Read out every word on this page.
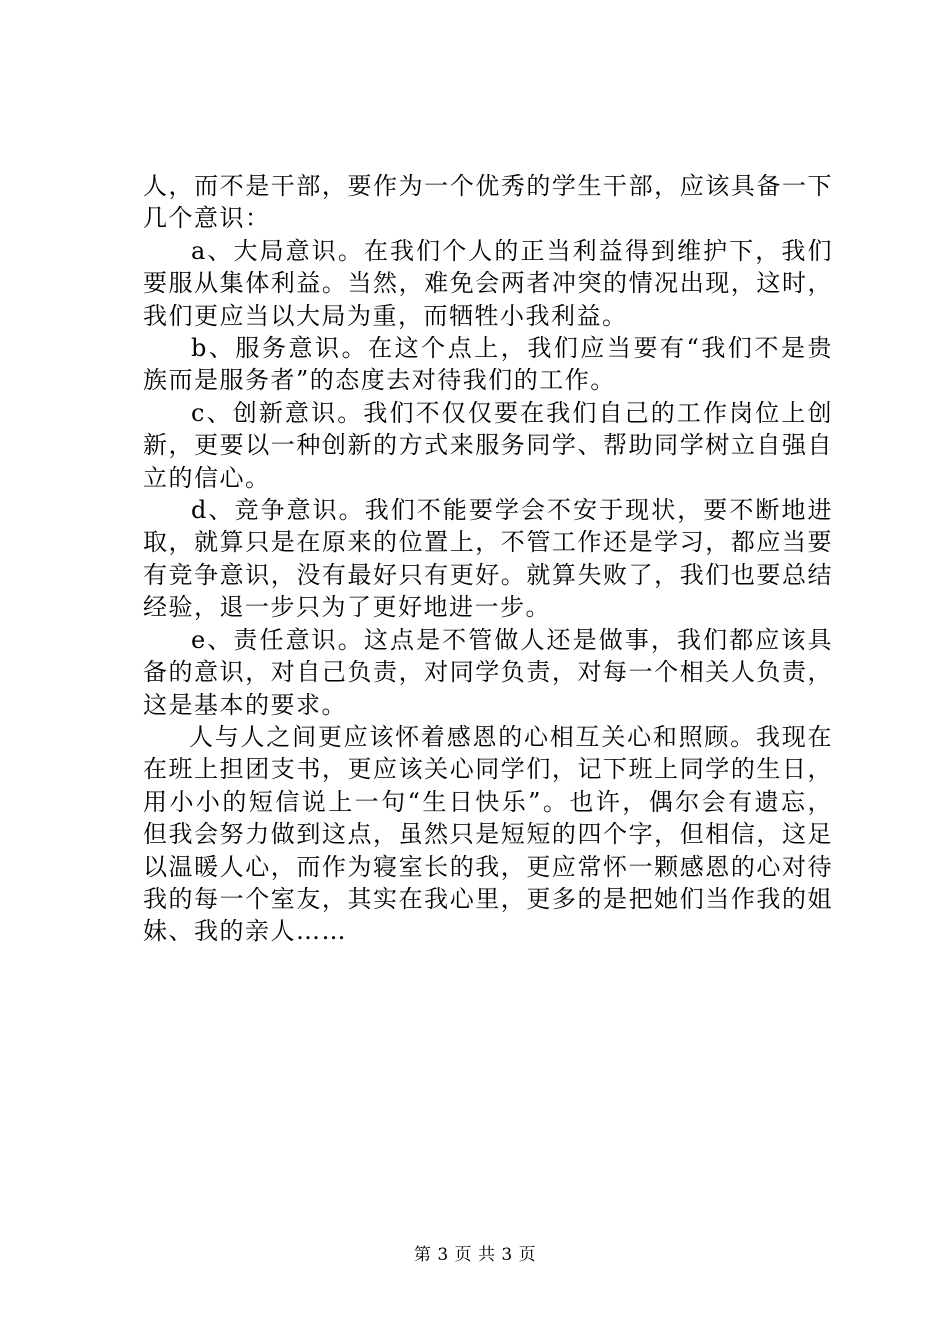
人，而不是干部，要作为一个优秀的学生干部，应该具备一下几个意识：

a、大局意识。在我们个人的正当利益得到维护下，我们要服从集体利益。当然，难免会两者冲突的情况出现，这时，我们更应当以大局为重，而牺牲小我利益。

b、服务意识。在这个点上，我们应当要有“我们不是贵族而是服务者”的态度去对待我们的工作。

c、创新意识。我们不仅仅要在我们自己的工作岗位上创新，更要以一种创新的方式来服务同学、帮助同学树立自强自立的信心。

d、竞争意识。我们不能要学会不安于现状，要不断地进取，就算只是在原来的位置上，不管工作还是学习，都应当要有竞争意识，没有最好只有更好。就算失败了，我们也要总结经验，退一步只为了更好地进一步。

e、责任意识。这点是不管做人还是做事，我们都应该具备的意识，对自己负责，对同学负责，对每一个相关人负责，这是基本的要求。

人与人之间更应该怀着感恩的心相互关心和照顾。我现在在班上担团支书，更应该关心同学们，记下班上同学的生日，用小小的短信说上一句“生日快乐”。也许，偶尔会有遗忘，但我会努力做到这点，虽然只是短短的四个字，但相信，这足以温暖人心，而作为寝室长的我，更应常怀一颗感恩的心对待我的每一个室友，其实在我心里，更多的是把她们当作我的姐妹、我的亲人……

第 3 页 共 3 页
